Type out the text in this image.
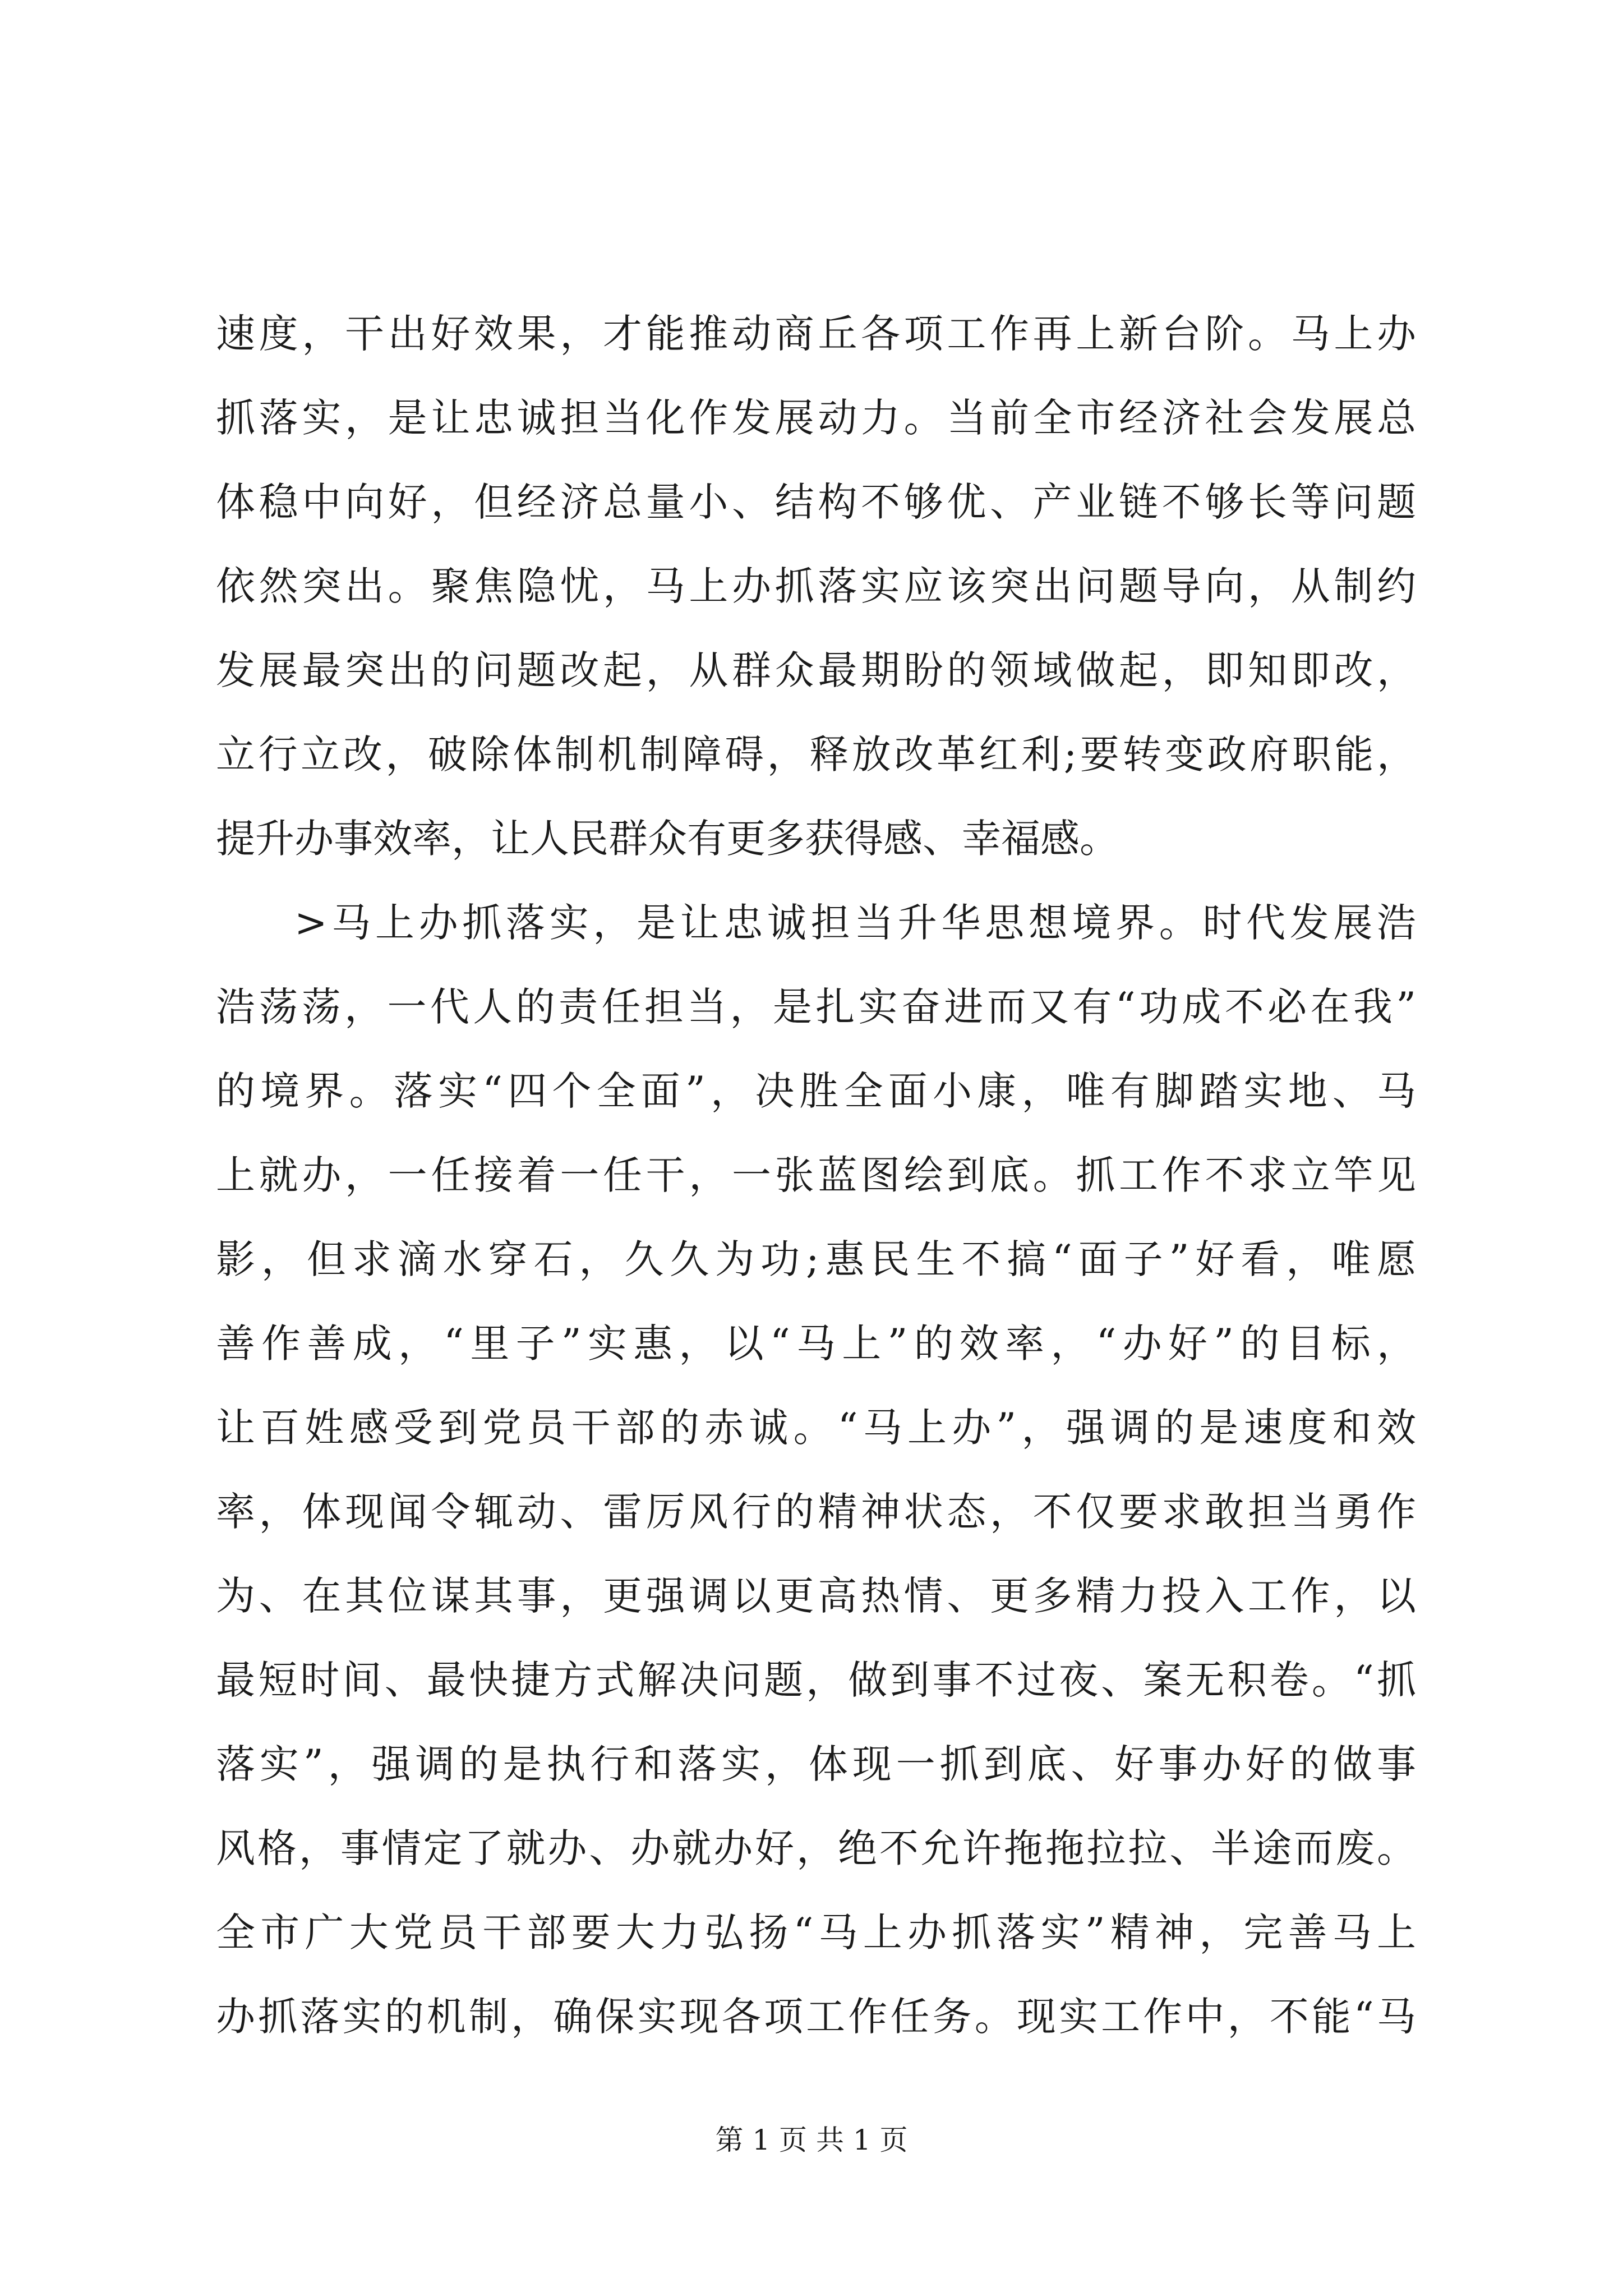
速度，干出好效果，才能推动商丘各项工作再上新台阶。马上办
抓落实，是让忠诚担当化作发展动力。当前全市经济社会发展总
体稳中向好，但经济总量小、结构不够优、产业链不够长等问题
依然突出。聚焦隐忧，马上办抓落实应该突出问题导向，从制约
发展最突出的问题改起，从群众最期盼的领域做起，即知即改，
立行立改，破除体制机制障碍，释放改革红利;要转变政府职能，
提升办事效率，让人民群众有更多获得感、幸福感。
>马上办抓落实，是让忠诚担当升华思想境界。时代发展浩
浩荡荡，一代人的责任担当，是扎实奋进而又有“功成不必在我”
的境界。落实“四个全面”，决胜全面小康，唯有脚踏实地、马
上就办，一任接着一任干，一张蓝图绘到底。抓工作不求立竿见
影，但求滴水穿石，久久为功;惠民生不搞“面子”好看，唯愿
善作善成，“里子”实惠，以“马上”的效率，“办好”的目标，
让百姓感受到党员干部的赤诚。“马上办”，强调的是速度和效
率，体现闻令辄动、雷厉风行的精神状态，不仅要求敢担当勇作
为、在其位谋其事，更强调以更高热情、更多精力投入工作，以
最短时间、最快捷方式解决问题，做到事不过夜、案无积卷。“抓
落实”，强调的是执行和落实，体现一抓到底、好事办好的做事
风格，事情定了就办、办就办好，绝不允许拖拖拉拉、半途而废。
全市广大党员干部要大力弘扬“马上办抓落实”精神，完善马上
办抓落实的机制，确保实现各项工作任务。现实工作中，不能“马
第 1 页 共 1 页
